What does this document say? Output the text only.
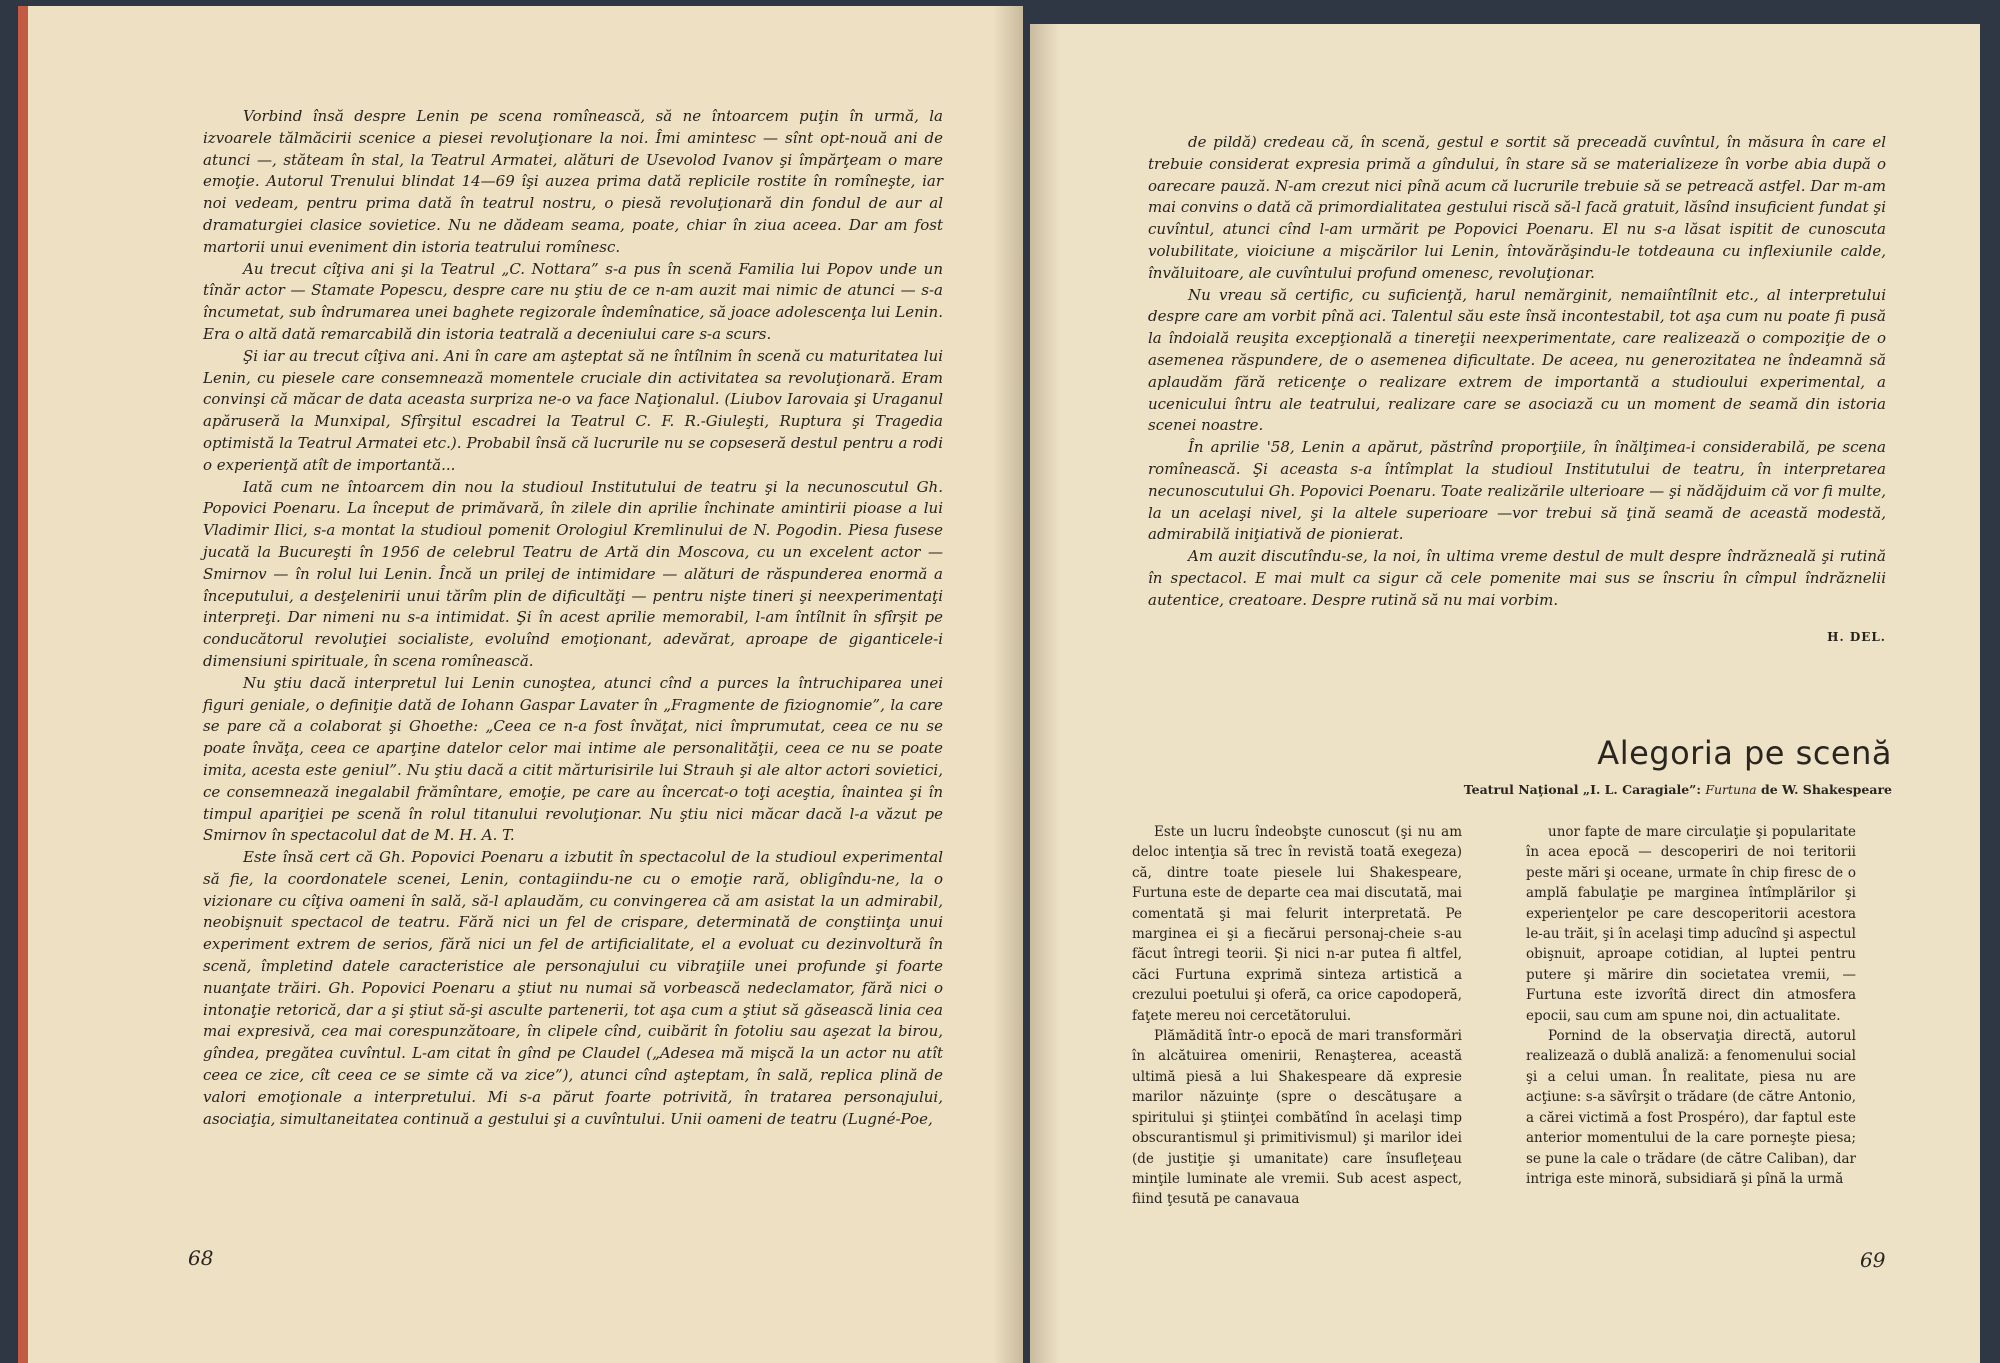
Vorbind însă despre Lenin pe scena romînească, să ne întoarcem puţin în urmă, la izvoarele tălmăcirii scenice a piesei revoluţionare la noi. Îmi amintesc — sînt opt-nouă ani de atunci —, stăteam în stal, la Teatrul Armatei, alături de Usevolod Ivanov şi împărţeam o mare emoţie. Autorul Trenului blindat 14—69 îşi auzea prima dată replicile rostite în romîneşte, iar noi vedeam, pentru prima dată în teatrul nostru, o piesă revoluţionară din fondul de aur al dramaturgiei clasice sovietice. Nu ne dădeam seama, poate, chiar în ziua aceea. Dar am fost martorii unui eveniment din istoria teatrului romînesc.

Au trecut cîţiva ani şi la Teatrul „C. Nottara” s-a pus în scenă Familia lui Popov unde un tînăr actor — Stamate Popescu, despre care nu ştiu de ce n-am auzit mai nimic de atunci — s-a încumetat, sub îndrumarea unei baghete regizorale îndemînatice, să joace adolescenţa lui Lenin. Era o altă dată remarcabilă din istoria teatrală a deceniului care s-a scurs.

Şi iar au trecut cîţiva ani. Ani în care am aşteptat să ne întîlnim în scenă cu maturitatea lui Lenin, cu piesele care consemnează momentele cruciale din activitatea sa revoluţionară. Eram convinşi că măcar de data aceasta surpriza ne-o va face Naţionalul. (Liubov Iarovaia şi Uraganul apăruseră la Munxipal, Sfîrşitul escadrei la Teatrul C. F. R.-Giuleşti, Ruptura şi Tragedia optimistă la Teatrul Armatei etc.). Probabil însă că lucrurile nu se copseseră destul pentru a rodi o experienţă atît de importantă...

Iată cum ne întoarcem din nou la studioul Institutului de teatru şi la necunoscutul Gh. Popovici Poenaru. La început de primăvară, în zilele din aprilie închinate amintirii pioase a lui Vladimir Ilici, s-a montat la studioul pomenit Orologiul Kremlinului de N. Pogodin. Piesa fusese jucată la Bucureşti în 1956 de celebrul Teatru de Artă din Moscova, cu un excelent actor — Smirnov — în rolul lui Lenin. Încă un prilej de intimidare — alături de răspunderea enormă a începutului, a desţelenirii unui tărîm plin de dificultăţi — pentru nişte tineri şi neexperimentaţi interpreţi. Dar nimeni nu s-a intimidat. Şi în acest aprilie memorabil, l-am întîlnit în sfîrşit pe conducătorul revoluţiei socialiste, evoluînd emoţionant, adevărat, aproape de giganticele-i dimensiuni spirituale, în scena romînească.

Nu ştiu dacă interpretul lui Lenin cunoştea, atunci cînd a purces la întruchiparea unei figuri geniale, o definiţie dată de Iohann Gaspar Lavater în „Fragmente de fiziognomie”, la care se pare că a colaborat şi Ghoethe: „Ceea ce n-a fost învăţat, nici împrumutat, ceea ce nu se poate învăţa, ceea ce aparţine datelor celor mai intime ale personalităţii, ceea ce nu se poate imita, acesta este geniul”. Nu ştiu dacă a citit mărturisirile lui Strauh şi ale altor actori sovietici, ce consemnează inegalabil frămîntare, emoţie, pe care au încercat-o toţi aceştia, înaintea şi în timpul apariţiei pe scenă în rolul titanului revoluţionar. Nu ştiu nici măcar dacă l-a văzut pe Smirnov în spectacolul dat de M. H. A. T.

Este însă cert că Gh. Popovici Poenaru a izbutit în spectacolul de la studioul experimental să fie, la coordonatele scenei, Lenin, contagiindu-ne cu o emoţie rară, obligîndu-ne, la o vizionare cu cîţiva oameni în sală, să-l aplaudăm, cu convingerea că am asistat la un admirabil, neobişnuit spectacol de teatru. Fără nici un fel de crispare, determinată de conştiinţa unui experiment extrem de serios, fără nici un fel de artificialitate, el a evoluat cu dezinvoltură în scenă, împletind datele caracteristice ale personajului cu vibraţiile unei profunde şi foarte nuanţate trăiri. Gh. Popovici Poenaru a ştiut nu numai să vorbească nedeclamator, fără nici o intonaţie retorică, dar a şi ştiut să-şi asculte partenerii, tot aşa cum a ştiut să găsească linia cea mai expresivă, cea mai corespunzătoare, în clipele cînd, cuibărit în fotoliu sau aşezat la birou, gîndea, pregătea cuvîntul. L-am citat în gînd pe Claudel („Adesea mă mişcă la un actor nu atît ceea ce zice, cît ceea ce se simte că va zice”), atunci cînd aşteptam, în sală, replica plină de valori emoţionale a interpretului. Mi s-a părut foarte potrivită, în tratarea personajului, asociaţia, simultaneitatea continuă a gestului şi a cuvîntului. Unii oameni de teatru (Lugné-Poe,

68

de pildă) credeau că, în scenă, gestul e sortit să preceadă cuvîntul, în măsura în care el trebuie considerat expresia primă a gîndului, în stare să se materializeze în vorbe abia după o oarecare pauză. N-am crezut nici pînă acum că lucrurile trebuie să se petreacă astfel. Dar m-am mai convins o dată că primordialitatea gestului riscă să-l facă gratuit, lăsînd insuficient fundat şi cuvîntul, atunci cînd l-am urmărit pe Popovici Poenaru. El nu s-a lăsat ispitit de cunoscuta volubilitate, vioiciune a mişcărilor lui Lenin, întovărăşindu-le totdeauna cu inflexiunile calde, învăluitoare, ale cuvîntului profund omenesc, revoluţionar.

Nu vreau să certific, cu suficienţă, harul nemărginit, nemaiîntîlnit etc., al interpretului despre care am vorbit pînă aci. Talentul său este însă incontestabil, tot aşa cum nu poate fi pusă la îndoială reuşita excepţională a tinereţii neexperimentate, care realizează o compoziţie de o asemenea răspundere, de o asemenea dificultate. De aceea, nu generozitatea ne îndeamnă să aplaudăm fără reticenţe o realizare extrem de importantă a studioului experimental, a ucenicului întru ale teatrului, realizare care se asociază cu un moment de seamă din istoria scenei noastre.

În aprilie '58, Lenin a apărut, păstrînd proporţiile, în înălţimea-i considerabilă, pe scena romînească. Şi aceasta s-a întîmplat la studioul Institutului de teatru, în interpretarea necunoscutului Gh. Popovici Poenaru. Toate realizările ulterioare — şi nădăjduim că vor fi multe, la un acelaşi nivel, şi la altele superioare —vor trebui să ţină seamă de această modestă, admirabilă iniţiativă de pionierat.

Am auzit discutîndu-se, la noi, în ultima vreme destul de mult despre îndrăzneală şi rutină în spectacol. E mai mult ca sigur că cele pomenite mai sus se înscriu în cîmpul îndrăznelii autentice, creatoare. Despre rutină să nu mai vorbim.

H. DEL.
Alegoria pe scenă
Teatrul Naţional „I. L. Caragiale”: Furtuna de W. Shakespeare

Este un lucru îndeobşte cunoscut (şi nu am deloc intenţia să trec în revistă toată exegeza) că, dintre toate piesele lui Shakespeare, Furtuna este de departe cea mai discutată, mai comentată şi mai felurit interpretată. Pe marginea ei şi a fiecărui personaj-cheie s-au făcut întregi teorii. Şi nici n-ar putea fi altfel, căci Furtuna exprimă sinteza artistică a crezului poetului şi oferă, ca orice capodoperă, faţete mereu noi cercetătorului.

Plămădită într-o epocă de mari transformări în alcătuirea omenirii, Renaşterea, această ultimă piesă a lui Shakespeare dă expresie marilor năzuinţe (spre o descătuşare a spiritului şi ştiinţei combătînd în acelaşi timp obscurantismul şi primitivismul) şi marilor idei (de justiţie şi umanitate) care însufleţeau minţile luminate ale vremii. Sub acest aspect, fiind ţesută pe canavaua

unor fapte de mare circulaţie şi popularitate în acea epocă — descoperiri de noi teritorii peste mări şi oceane, urmate în chip firesc de o amplă fabulaţie pe marginea întîmplărilor şi experienţelor pe care descoperitorii acestora le-au trăit, şi în acelaşi timp aducînd şi aspectul obişnuit, aproape cotidian, al luptei pentru putere şi mărire din societatea vremii, — Furtuna este izvorîtă direct din atmosfera epocii, sau cum am spune noi, din actualitate.

Pornind de la observaţia directă, autorul realizează o dublă analiză: a fenomenului social şi a celui uman. În realitate, piesa nu are acţiune: s-a săvîrşit o trădare (de către Antonio, a cărei victimă a fost Prospéro), dar faptul este anterior momentului de la care porneşte piesa; se pune la cale o trădare (de către Caliban), dar intriga este minoră, subsidiară şi pînă la urmă

69
